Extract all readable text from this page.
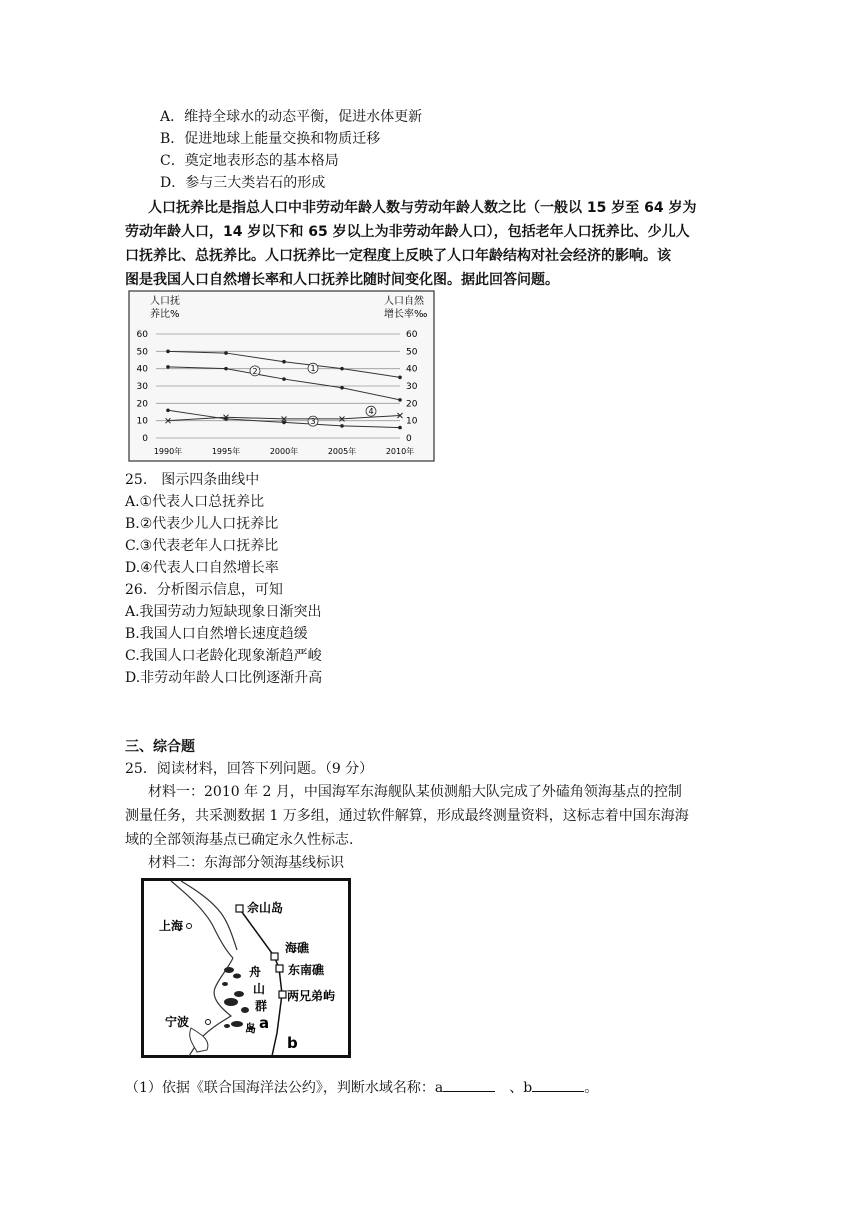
A．维持全球水的动态平衡，促进水体更新
B．促进地球上能量交换和物质迁移
C．奠定地表形态的基本格局
D．参与三大类岩石的形成
人口抚养比是指总人口中非劳动年龄人数与劳动年龄人数之比（一般以 15 岁至 64 岁为
劳动年龄人口，14 岁以下和 65 岁以上为非劳动年龄人口），包括老年人口抚养比、少儿人
口抚养比、总抚养比。人口抚养比一定程度上反映了人口年龄结构对社会经济的影响。该
图是我国人口自然增长率和人口抚养比随时间变化图。据此回答问题。
人口抚
养比%
人口自然
增长率‰
60	60
50	50
40	40
30	30
20	20
10	10
0	0
1990年	1995年	2000年	2005年	2010年
1
2
3
4
25.　图示四条曲线中
A.①代表人口总抚养比
B.②代表少儿人口抚养比
C.③代表老年人口抚养比
D.④代表人口自然增长率
26．分析图示信息，可知
A.我国劳动力短缺现象日渐突出
B.我国人口自然增长速度趋缓
C.我国人口老龄化现象渐趋严峻
D.非劳动年龄人口比例逐渐升高
三、综合题
25．阅读材料，回答下列问题。（9 分）
材料一：2010 年 2 月，中国海军东海舰队某侦测船大队完成了外磕角领海基点的控制
测量任务，共采测数据 1 万多组，通过软件解算，形成最终测量资料，这标志着中国东海海
域的全部领海基点已确定永久性标志.
材料二：东海部分领海基线标识
佘山岛
上海
海礁
东南礁
舟
山
群
岛
两兄弟屿
宁波	a
b
（1）依据《联合国海洋法公约》，判断水域名称：a	、b	。
